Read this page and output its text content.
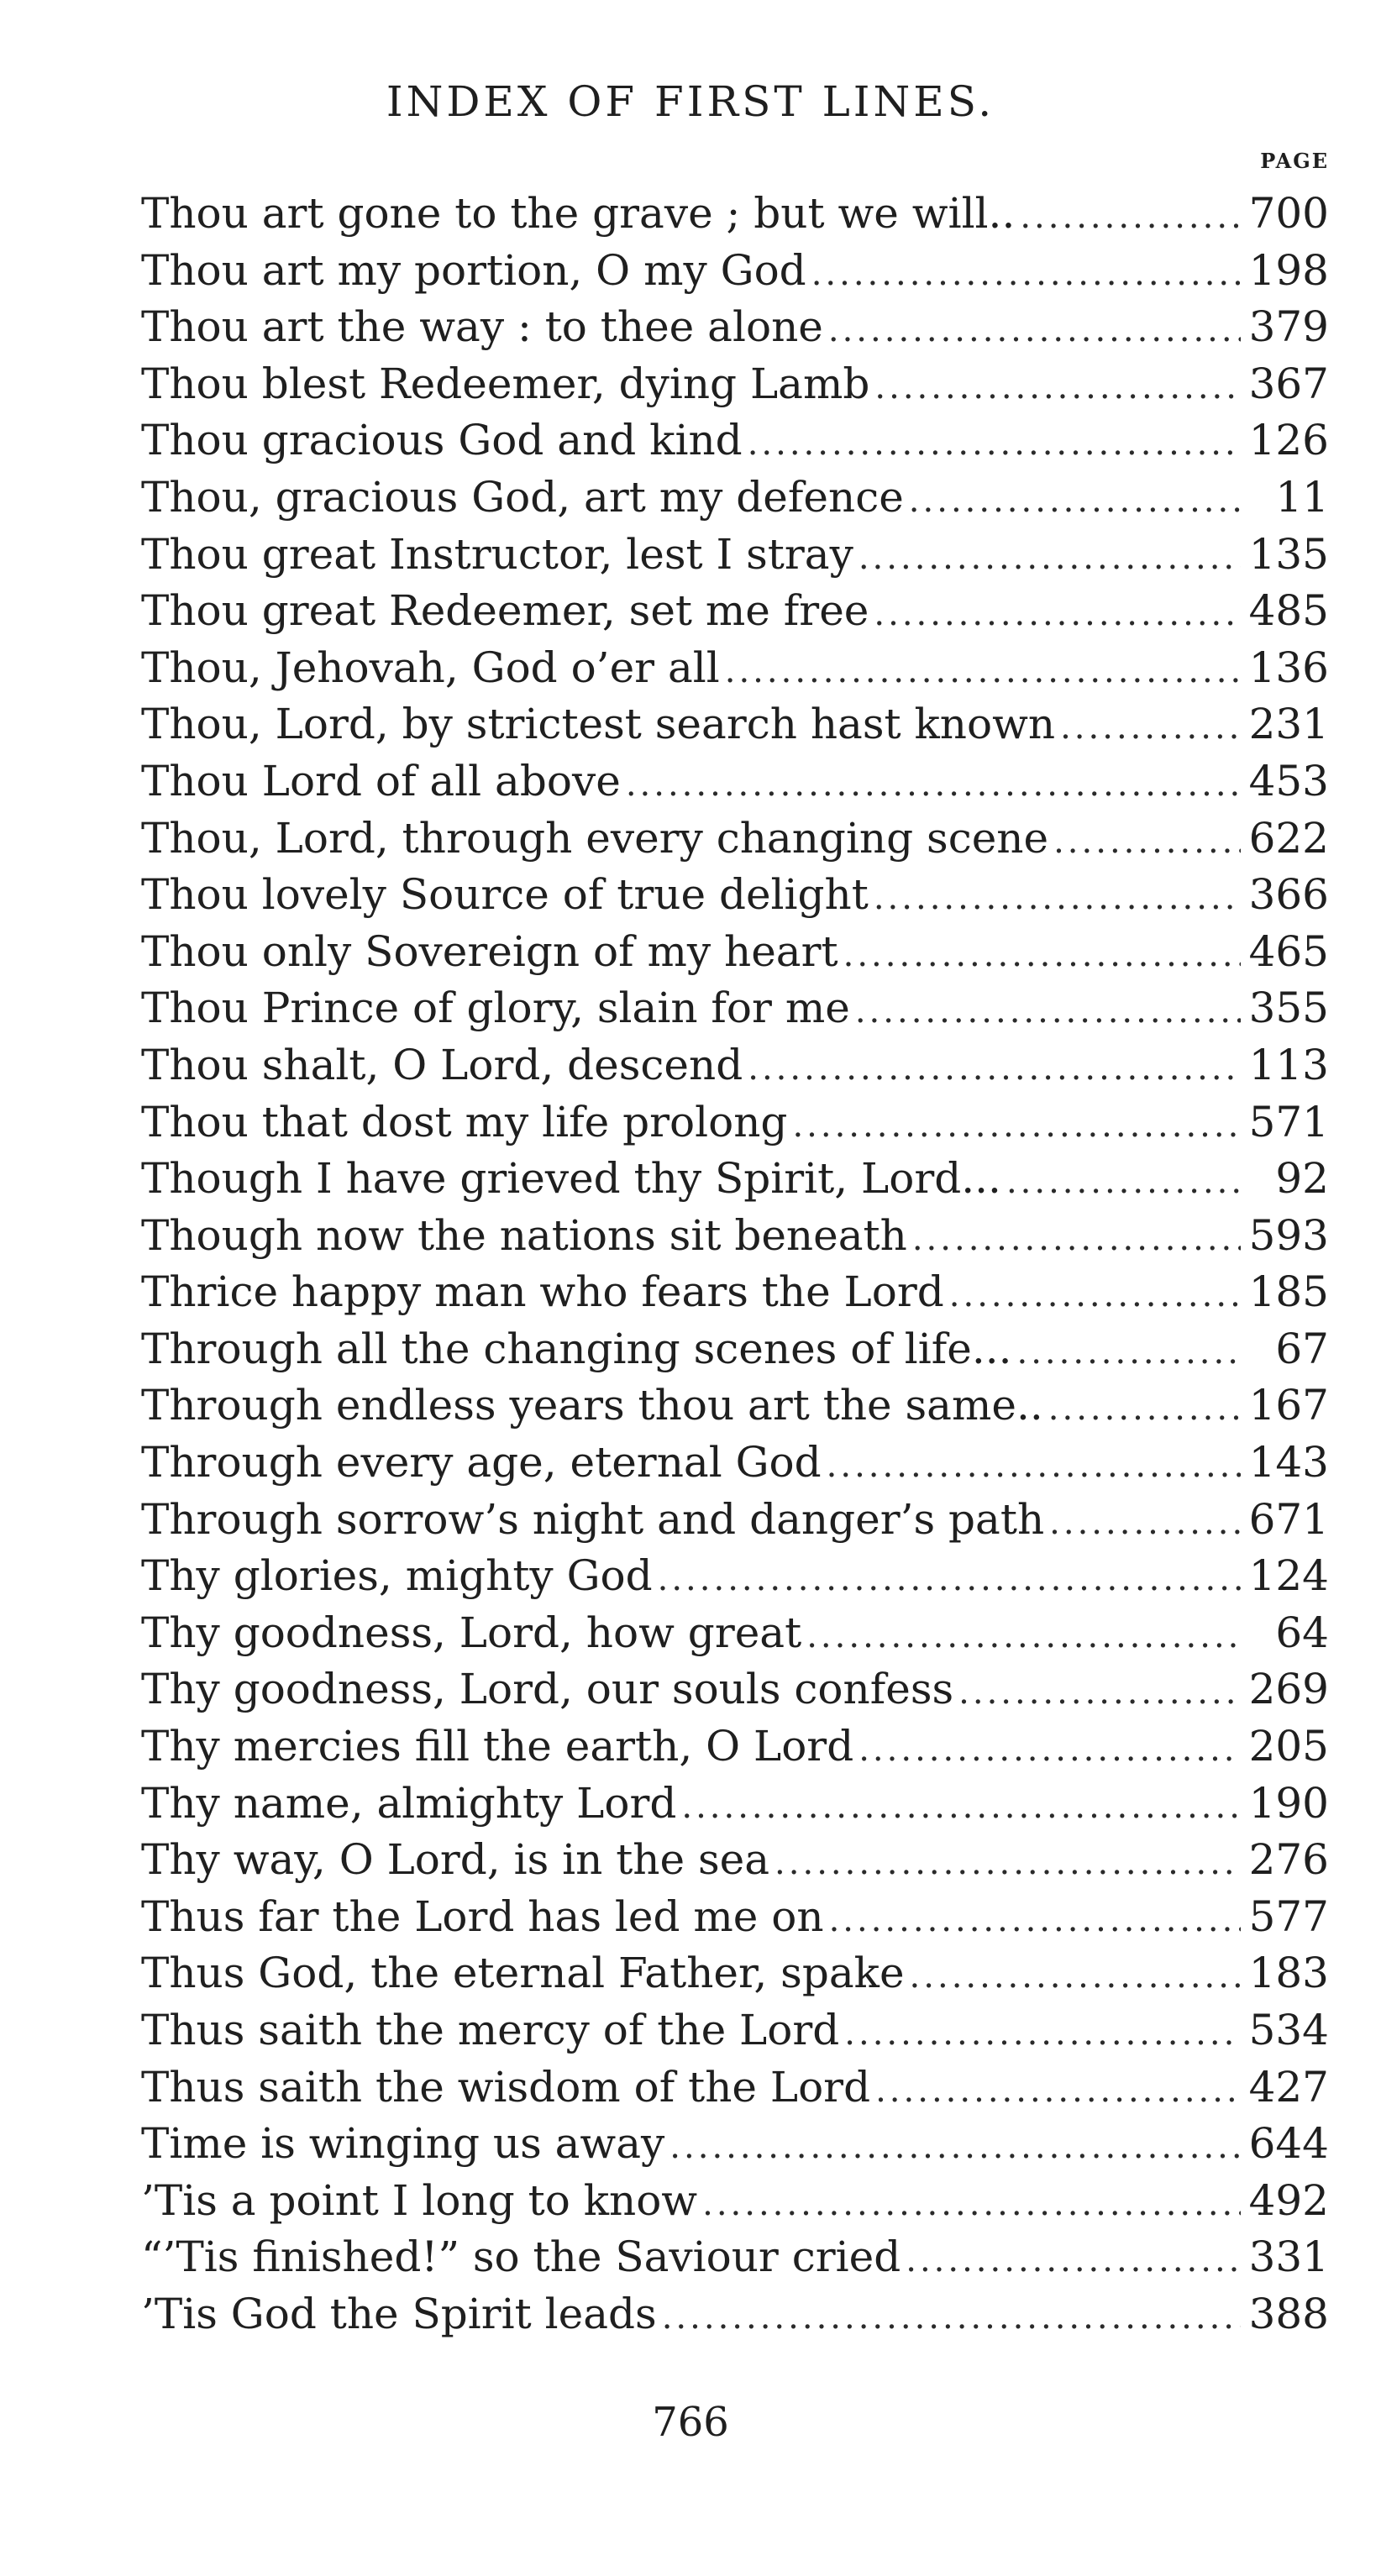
INDEX OF FIRST LINES.
PAGE
Thou art gone to the grave ; but we will.. .....	700
Thou art my portion, O my God .....	198
Thou art the way : to thee alone .....	379
Thou blest Redeemer, dying Lamb .....	367
Thou gracious God and kind .....	126
Thou, gracious God, art my defence .....	11
Thou great Instructor, lest I stray .....	135
Thou great Redeemer, set me free .....	485
Thou, Jehovah, God o’er all .....	136
Thou, Lord, by strictest search hast known .....	231
Thou Lord of all above .....	453
Thou, Lord, through every changing scene .....	622
Thou lovely Source of true delight .....	366
Thou only Sovereign of my heart .....	465
Thou Prince of glory, slain for me .....	355
Thou shalt, O Lord, descend .....	113
Thou that dost my life prolong .....	571
Though I have grieved thy Spirit, Lord... .....	92
Though now the nations sit beneath .....	593
Thrice happy man who fears the Lord .....	185
Through all the changing scenes of life... .....	67
Through endless years thou art the same.. .....	167
Through every age, eternal God .....	143
Through sorrow’s night and danger’s path .....	671
Thy glories, mighty God .....	124
Thy goodness, Lord, how great .....	64
Thy goodness, Lord, our souls confess .....	269
Thy mercies fill the earth, O Lord .....	205
Thy name, almighty Lord .....	190
Thy way, O Lord, is in the sea .....	276
Thus far the Lord has led me on .....	577
Thus God, the eternal Father, spake .....	183
Thus saith the mercy of the Lord .....	534
Thus saith the wisdom of the Lord .....	427
Time is winging us away .....	644
’Tis a point I long to know .....	492
“’Tis finished!” so the Saviour cried .....	331
’Tis God the Spirit leads .....	388
766
